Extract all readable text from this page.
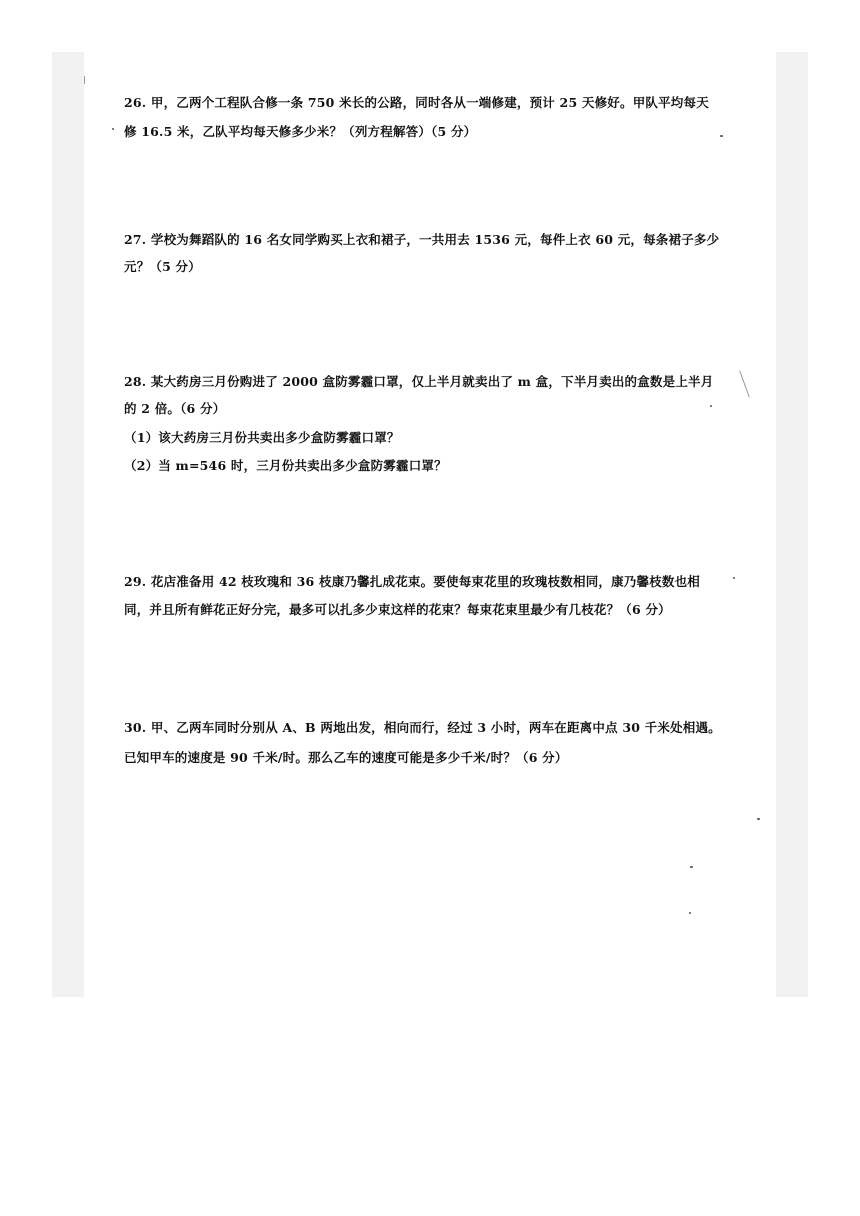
26. 甲，乙两个工程队合修一条 750 米长的公路，同时各从一端修建，预计 25 天修好。甲队平均每天
修 16.5 米，乙队平均每天修多少米？（列方程解答）（5 分）
27. 学校为舞蹈队的 16 名女同学购买上衣和裙子，一共用去 1536 元，每件上衣 60 元，每条裙子多少
元？（5 分）
28. 某大药房三月份购进了 2000 盒防雾霾口罩，仅上半月就卖出了 m 盒，下半月卖出的盒数是上半月
的 2 倍。（6 分）
（1）该大药房三月份共卖出多少盒防雾霾口罩？
（2）当 m=546 时，三月份共卖出多少盒防雾霾口罩？
29. 花店准备用 42 枝玫瑰和 36 枝康乃馨扎成花束。要使每束花里的玫瑰枝数相同，康乃馨枝数也相
同，并且所有鲜花正好分完，最多可以扎多少束这样的花束？每束花束里最少有几枝花？（6 分）
30. 甲、乙两车同时分别从 A、B 两地出发，相向而行，经过 3 小时，两车在距离中点 30 千米处相遇。
已知甲车的速度是 90 千米/时。那么乙车的速度可能是多少千米/时？（6 分）
